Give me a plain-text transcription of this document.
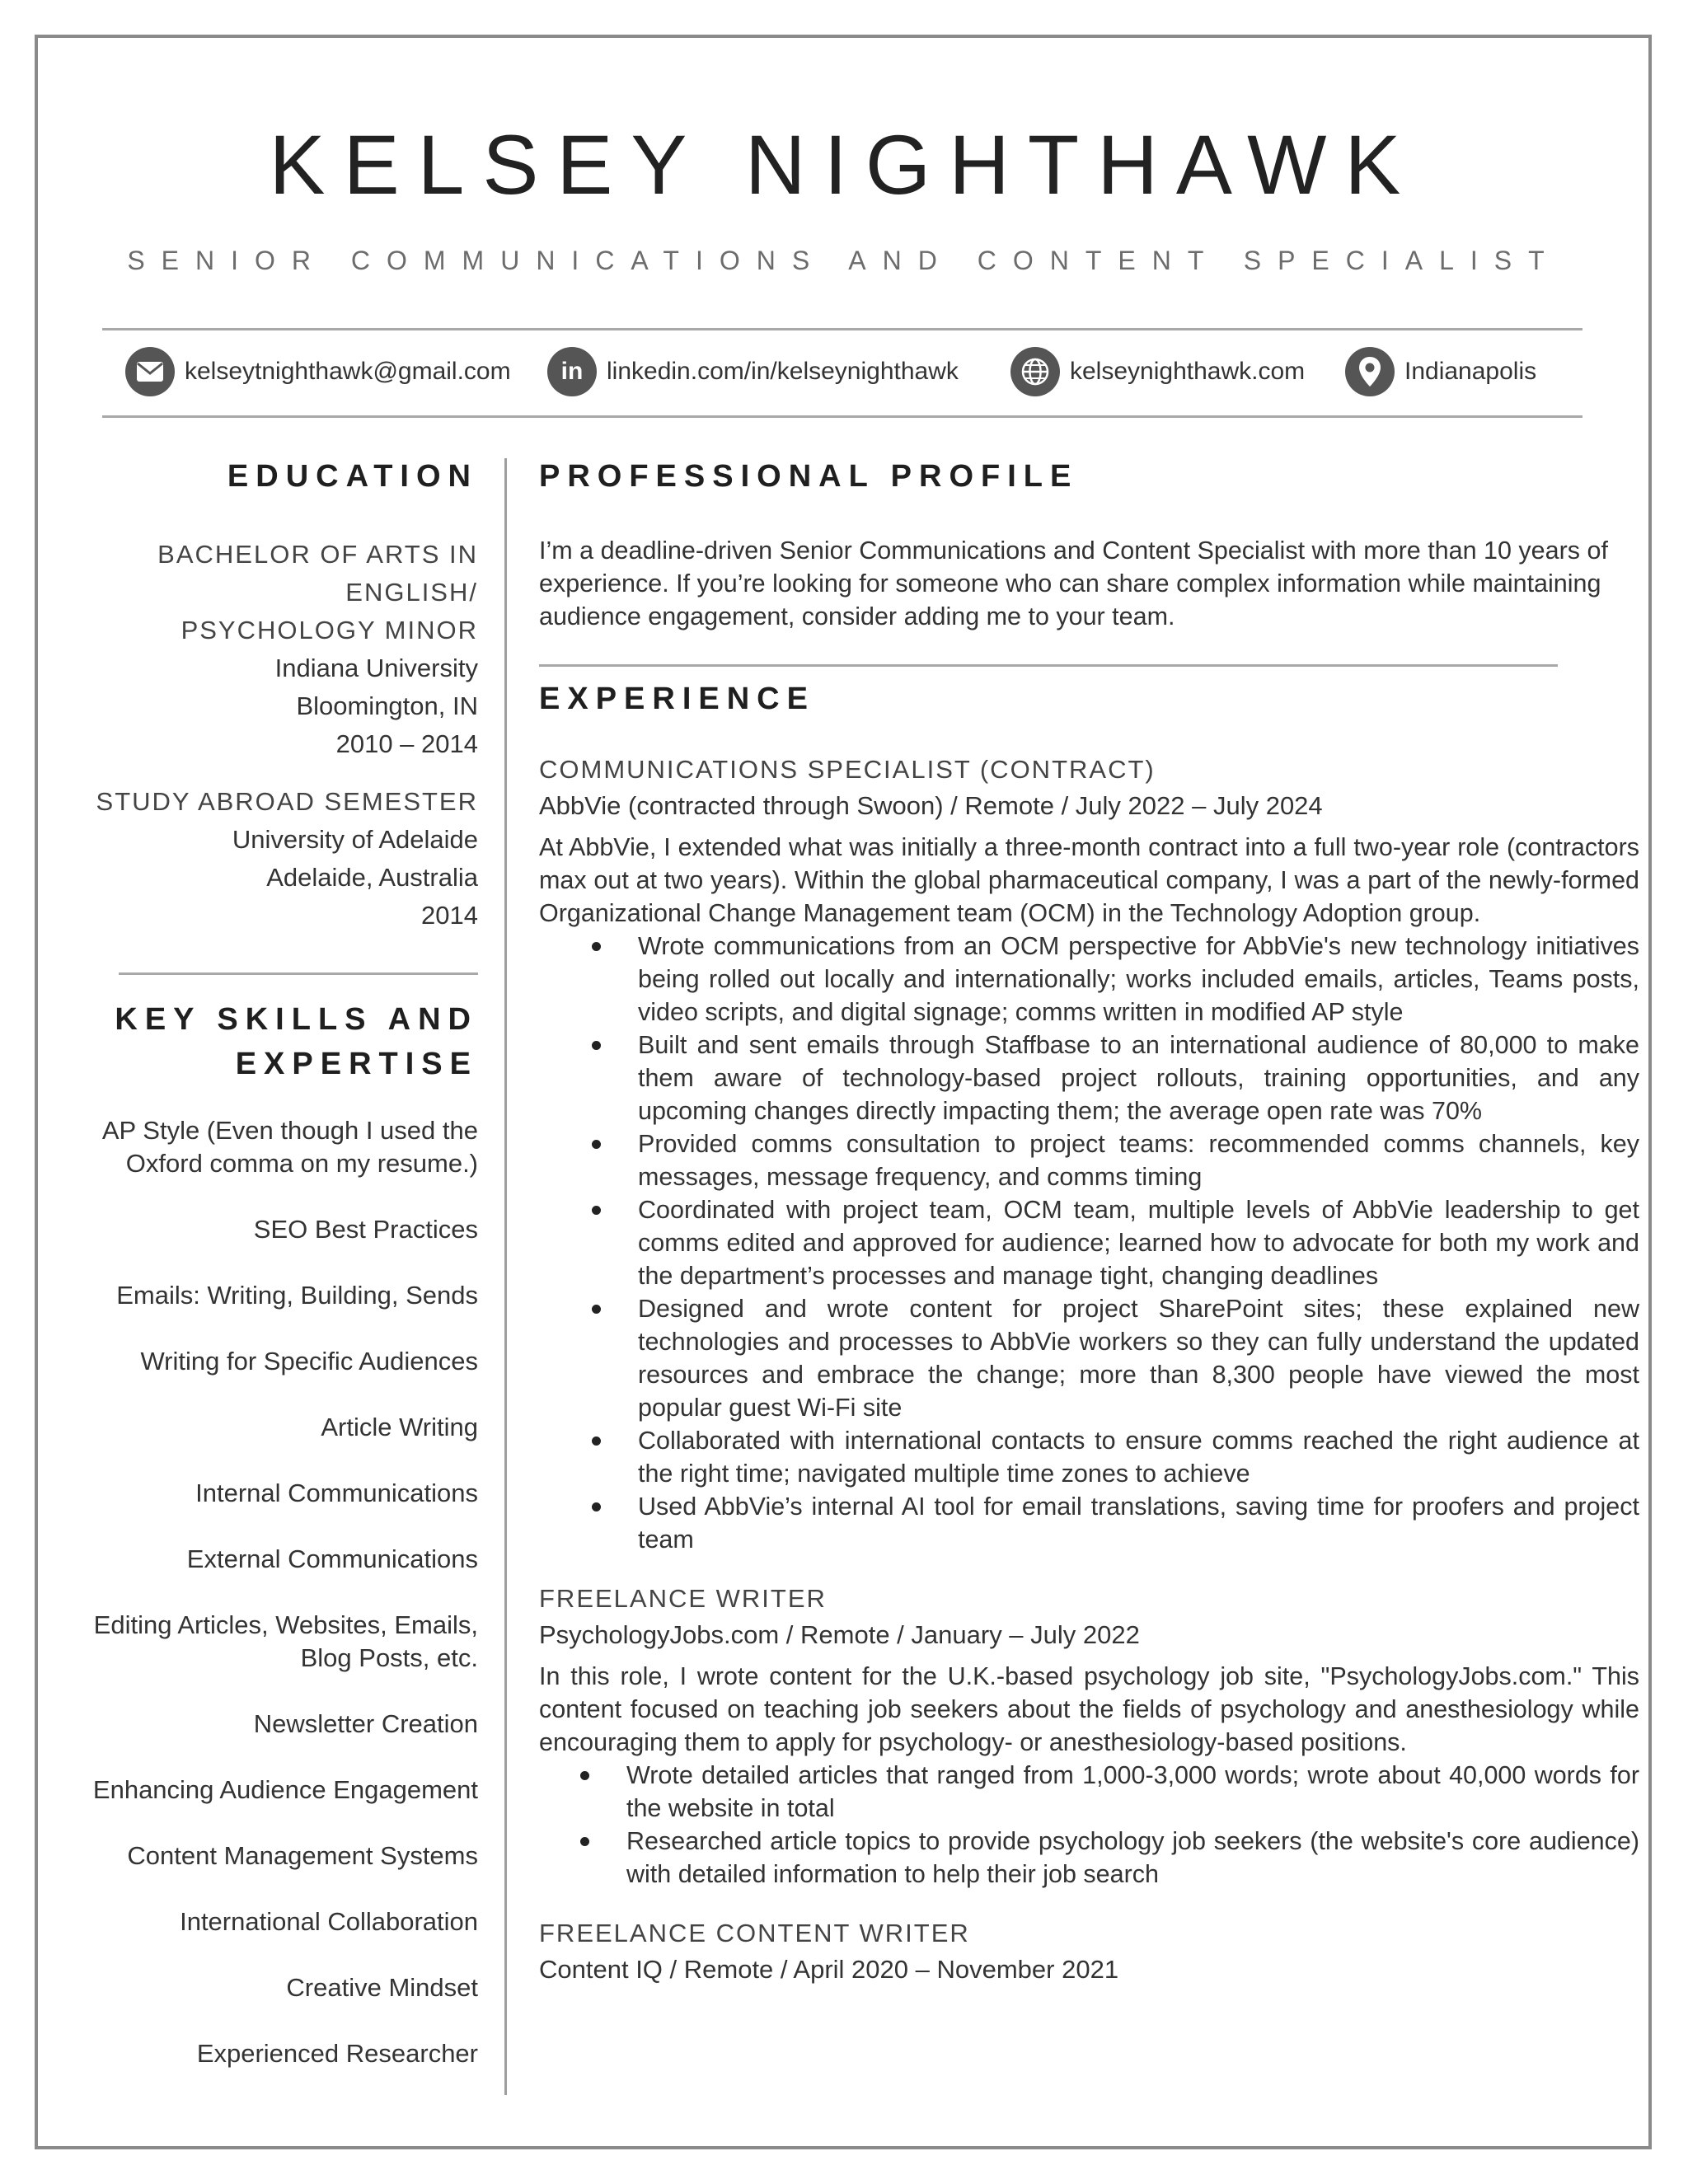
KELSEY NIGHTHAWK
SENIOR COMMUNICATIONS AND CONTENT SPECIALIST
kelseytnighthawk@gmail.com	in linkedin.com/in/kelseynighthawk	kelseynighthawk.com	Indianapolis
EDUCATION
BACHELOR OF ARTS IN
ENGLISH/
PSYCHOLOGY MINOR
Indiana University
Bloomington, IN
2010 – 2014
STUDY ABROAD SEMESTER
University of Adelaide
Adelaide, Australia
2014
KEY SKILLS AND
EXPERTISE
AP Style (Even though I used the
Oxford comma on my resume.)
SEO Best Practices
Emails: Writing, Building, Sends
Writing for Specific Audiences
Article Writing
Internal Communications
External Communications
Editing Articles, Websites, Emails,
Blog Posts, etc.
Newsletter Creation
Enhancing Audience Engagement
Content Management Systems
International Collaboration
Creative Mindset
Experienced Researcher
PROFESSIONAL PROFILE

I’m a deadline-driven Senior Communications and Content Specialist with more than 10 years of experience. If you’re looking for someone who can share complex information while maintaining audience engagement, consider adding me to your team.

EXPERIENCE
COMMUNICATIONS SPECIALIST (CONTRACT)
AbbVie (contracted through Swoon) / Remote / July 2022 – July 2024

At AbbVie, I extended what was initially a three-month contract into a full two-year role (contractors max out at two years). Within the global pharmaceutical company, I was a part of the newly-formed Organizational Change Management team (OCM) in the Technology Adoption group.

Wrote communications from an OCM perspective for AbbVie's new technology initiatives being rolled out locally and internationally; works included emails, articles, Teams posts, video scripts, and digital signage; comms written in modified AP style
Built and sent emails through Staffbase to an international audience of 80,000 to make them aware of technology-based project rollouts, training opportunities, and any upcoming changes directly impacting them; the average open rate was 70%
Provided comms consultation to project teams: recommended comms channels, key messages, message frequency, and comms timing
Coordinated with project team, OCM team, multiple levels of AbbVie leadership to get comms edited and approved for audience; learned how to advocate for both my work and the department’s processes and manage tight, changing deadlines
Designed and wrote content for project SharePoint sites; these explained new technologies and processes to AbbVie workers so they can fully understand the updated resources and embrace the change; more than 8,300 people have viewed the most popular guest Wi-Fi site
Collaborated with international contacts to ensure comms reached the right audience at the right time; navigated multiple time zones to achieve
Used AbbVie’s internal AI tool for email translations, saving time for proofers and project team
FREELANCE WRITER
PsychologyJobs.com / Remote / January – July 2022

In this role, I wrote content for the U.K.-based psychology job site, "PsychologyJobs.com." This content focused on teaching job seekers about the fields of psychology and anesthesiology while encouraging them to apply for psychology- or anesthesiology-based positions.

Wrote detailed articles that ranged from 1,000-3,000 words; wrote about 40,000 words for the website in total
Researched article topics to provide psychology job seekers (the website's core audience) with detailed information to help their job search
FREELANCE CONTENT WRITER
Content IQ / Remote / April 2020 – November 2021
